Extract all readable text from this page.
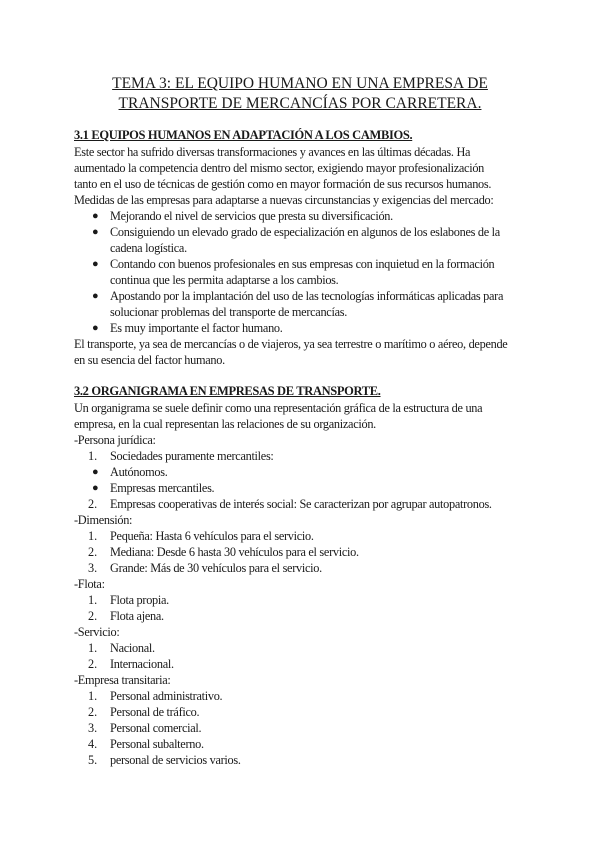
TEMA 3: EL EQUIPO HUMANO EN UNA EMPRESA DE
TRANSPORTE DE MERCANCÍAS POR CARRETERA.
3.1 EQUIPOS HUMANOS EN ADAPTACIÓN A LOS CAMBIOS.
Este sector ha sufrido diversas transformaciones y avances en las últimas décadas. Ha
aumentado la competencia dentro del mismo sector, exigiendo mayor profesionalización
tanto en el uso de técnicas de gestión como en mayor formación de sus recursos humanos.
Medidas de las empresas para adaptarse a nuevas circunstancias y exigencias del mercado:
● Mejorando el nivel de servicios que presta su diversificación.
● Consiguiendo un elevado grado de especialización en algunos de los eslabones de la
cadena logística.
● Contando con buenos profesionales en sus empresas con inquietud en la formación
continua que les permita adaptarse a los cambios.
● Apostando por la implantación del uso de las tecnologías informáticas aplicadas para
solucionar problemas del transporte de mercancías.
● Es muy importante el factor humano.
El transporte, ya sea de mercancías o de viajeros, ya sea terrestre o marítimo o aéreo, depende
en su esencia del factor humano.
3.2 ORGANIGRAMA EN EMPRESAS DE TRANSPORTE.
Un organigrama se suele definir como una representación gráfica de la estructura de una
empresa, en la cual representan las relaciones de su organización.
-Persona jurídica:
1. Sociedades puramente mercantiles:
● Autónomos.
● Empresas mercantiles.
2. Empresas cooperativas de interés social: Se caracterizan por agrupar autopatronos.
-Dimensión:
1. Pequeña: Hasta 6 vehículos para el servicio.
2. Mediana: Desde 6 hasta 30 vehículos para el servicio.
3. Grande: Más de 30 vehículos para el servicio.
-Flota:
1. Flota propia.
2. Flota ajena.
-Servicio:
1. Nacional.
2. Internacional.
-Empresa transitaria:
1. Personal administrativo.
2. Personal de tráfico.
3. Personal comercial.
4. Personal subalterno.
5. personal de servicios varios.
